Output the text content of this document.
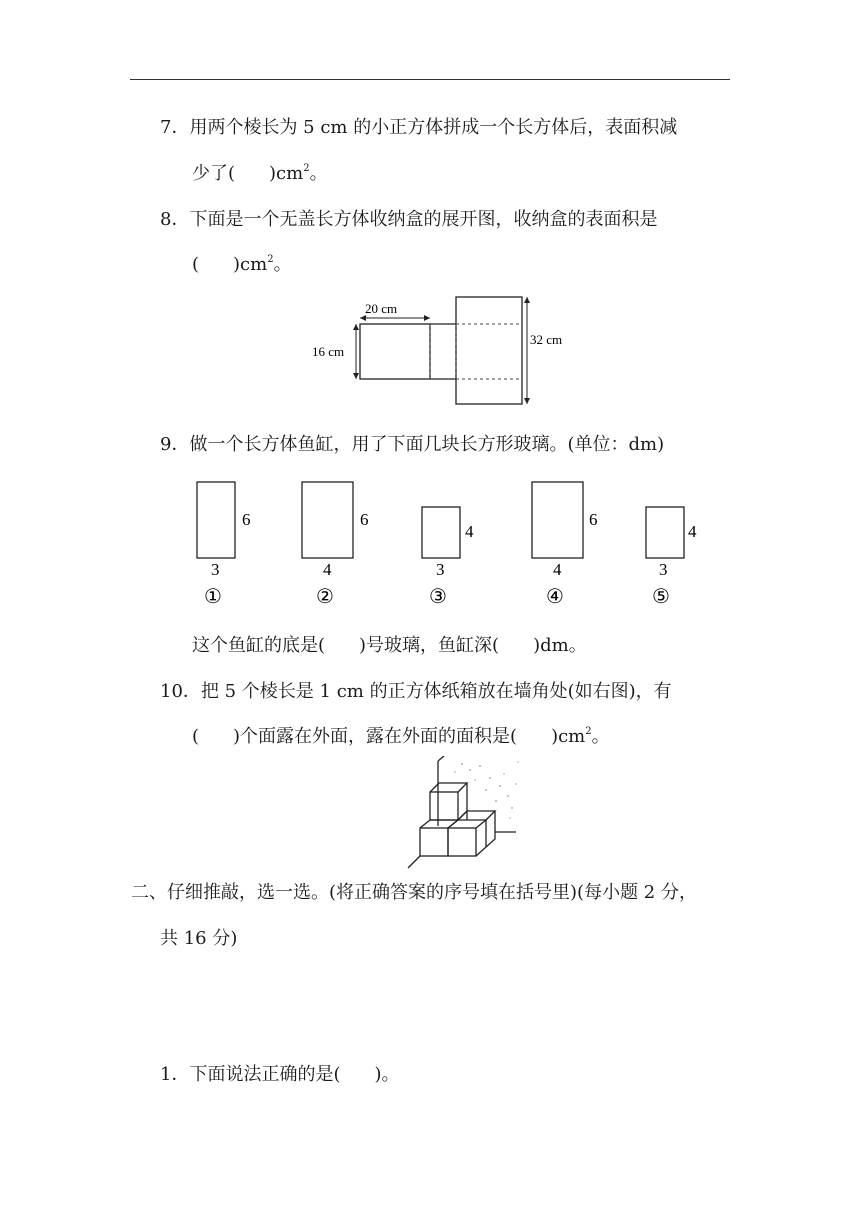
7．用两个棱长为 5 cm 的小正方体拼成一个长方体后，表面积减
少了( )$cm^2$。
8．下面是一个无盖长方体收纳盒的展开图，收纳盒的表面积是
( )$cm^2$。
20 cm
16 cm
32 cm
9．做一个长方体鱼缸，用了下面几块长方形玻璃。(单位：dm)
6
3
①
6
4
②
4
3
③
6
4
④
4
3
⑤
这个鱼缸的底是( )号玻璃，鱼缸深( )dm。
10．把 5 个棱长是 1 cm 的正方体纸箱放在墙角处(如右图)，有
( )个面露在外面，露在外面的面积是( )$cm^2$。
二、仔细推敲，选一选。(将正确答案的序号填在括号里)(每小题 2 分，
共 16 分)
1．下面说法正确的是( )。
